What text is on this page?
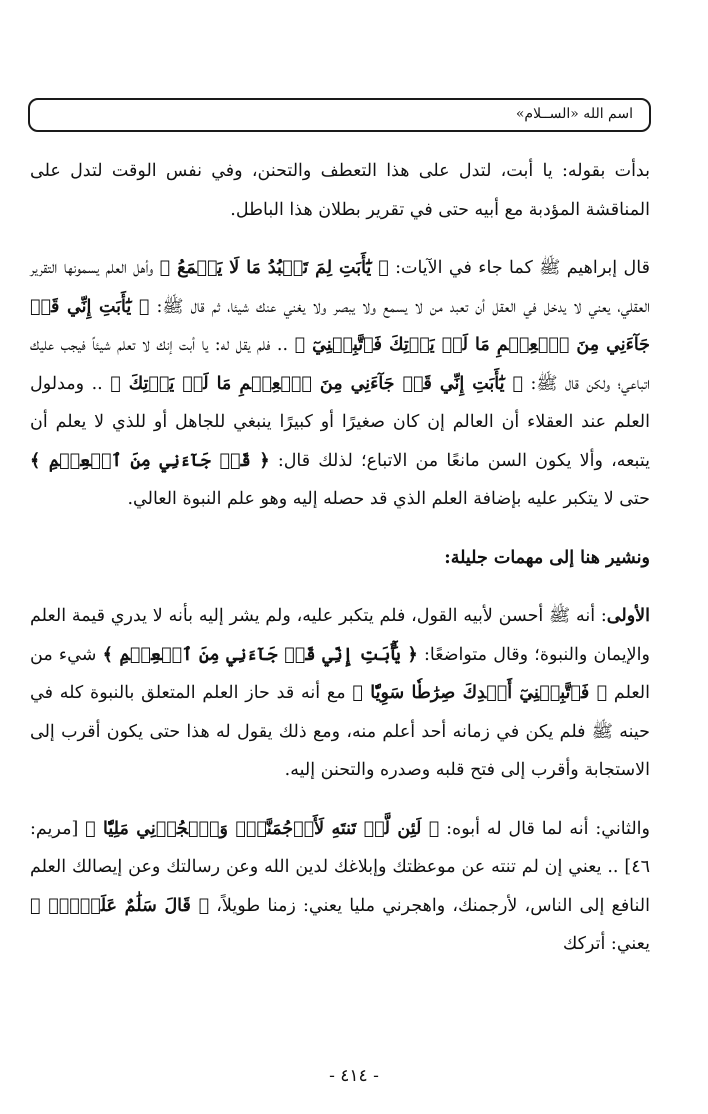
اسم الله «الســلام»

بدأت بقوله: يا أبت، لتدل على هذا التعطف والتحنن، وفي نفس الوقت لتدل على المناقشة المؤدبة مع أبيه حتى في تقرير بطلان هذا الباطل.

قال إبراهيم ﷺ كما جاء في الآيات: ﴿ يَٰٓأَبَتِ لِمَ تَعۡبُدُ مَا لَا يَسۡمَعُ ﴾ وأهل العلم يسمونها التقرير العقلي، يعني لا يدخل في العقل أن تعبد من لا يسمع ولا يبصر ولا يغني عنك شيئا، ثم قال ﷺ: ﴿ يَٰٓأَبَتِ إِنِّي قَدۡ جَآءَنِي مِنَ ٱلۡعِلۡمِ مَا لَمۡ يَأۡتِكَ فَٱتَّبِعۡنِيٓ ﴾ .. فلم يقل له: يا أبت إنك لا تعلم شيئاً فيجب عليك اتباعي؛ ولكن قال ﷺ: ﴿ يَٰٓأَبَتِ إِنِّي قَدۡ جَآءَنِي مِنَ ٱلۡعِلۡمِ مَا لَمۡ يَأۡتِكَ ﴾ .. ومدلول العلم عند العقلاء أن العالم إن كان صغيرًا أو كبيرًا ينبغي للجاهل أو للذي لا يعلم أن يتبعه، وألا يكون السن مانعًا من الاتباع؛ لذلك قال: ﴿ قَدۡ جَآءَنِي مِنَ ٱلۡعِلۡمِ ﴾ حتى لا يتكبر عليه بإضافة العلم الذي قد حصله إليه وهو علم النبوة العالي.

ونشير هنا إلى مهمات جليلة:

الأولى: أنه ﷺ أحسن لأبيه القول، فلم يتكبر عليه، ولم يشر إليه بأنه لا يدري قيمة العلم والإيمان والنبوة؛ وقال متواضعًا: ﴿ يَٰٓأَبَتِ إِنِّي قَدۡ جَآءَنِي مِنَ ٱلۡعِلۡمِ ﴾ شيء من العلم ﴿ فَٱتَّبِعۡنِيٓ أَهۡدِكَ صِرَٰطٗا سَوِيّٗا ﴾ مع أنه قد حاز العلم المتعلق بالنبوة كله في حينه ﷺ فلم يكن في زمانه أحد أعلم منه، ومع ذلك يقول له هذا حتى يكون أقرب إلى الاستجابة وأقرب إلى فتح قلبه وصدره والتحنن إليه.

والثاني: أنه لما قال له أبوه: ﴿ لَئِن لَّمۡ تَنتَهِ لَأَرۡجُمَنَّكَۖ وَٱهۡجُرۡنِي مَلِيّٗا ﴾ [مريم: ٤٦] .. يعني إن لم تنته عن موعظتك وإبلاغك لدين الله وعن رسالتك وعن إيصالك العلم النافع إلى الناس، لأرجمنك، واهجرني مليا يعني: زمنا طويلاً، ﴿ قَالَ سَلَٰمٌ عَلَيۡكَۖ ﴾ يعني: أتركك

- ٤١٤ -
